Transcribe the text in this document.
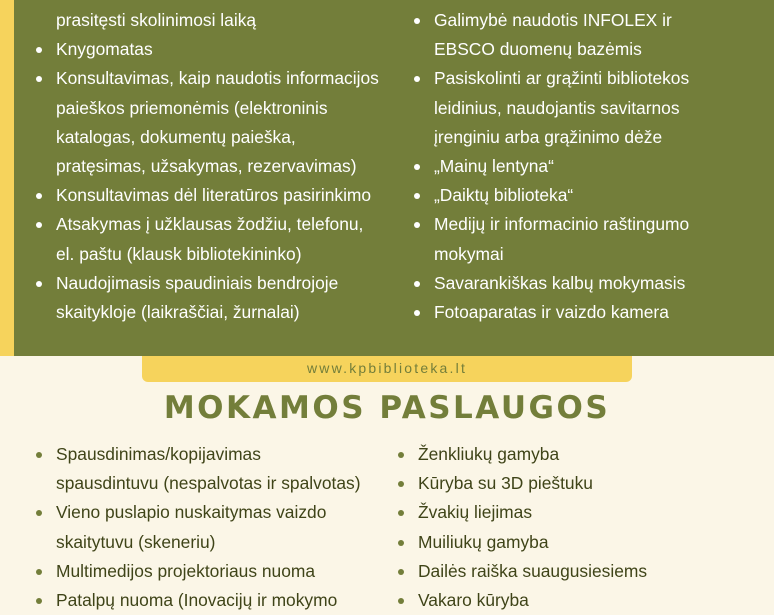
prasitęsti skolinimosi laiką
Knygomatas
Konsultavimas, kaip naudotis informacijos
paieškos priemonėmis (elektroninis
katalogas, dokumentų paieška,
pratęsimas, užsakymas, rezervavimas)
Konsultavimas dėl literatūros pasirinkimo
Atsakymas į užklausas žodžiu, telefonu,
el. paštu (klausk bibliotekininko)
Naudojimasis spaudiniais bendrojoje
skaitykloje (laikraščiai, žurnalai)
Galimybė naudotis INFOLEX ir
EBSCO duomenų bazėmis
Pasiskolinti ar grąžinti bibliotekos
leidinius, naudojantis savitarnos
įrenginiu arba grąžinimo dėže
„Mainų lentyna“
„Daiktų biblioteka“
Medijų ir informacinio raštingumo
mokymai
Savarankiškas kalbų mokymasis
Fotoaparatas ir vaizdo kamera
www.kpbiblioteka.lt
MOKAMOS PASLAUGOS
Spausdinimas/kopijavimas
spausdintuvu (nespalvotas ir spalvotas)
Vieno puslapio nuskaitymas vaizdo
skaitytuvu (skeneriu)
Multimedijos projektoriaus nuoma
Patalpų nuoma (Inovacijų ir mokymo
Ženkliukų gamyba
Kūryba su 3D pieštuku
Žvakių liejimas
Muiliukų gamyba
Dailės raiška suaugusiesiems
Vakaro kūryba
